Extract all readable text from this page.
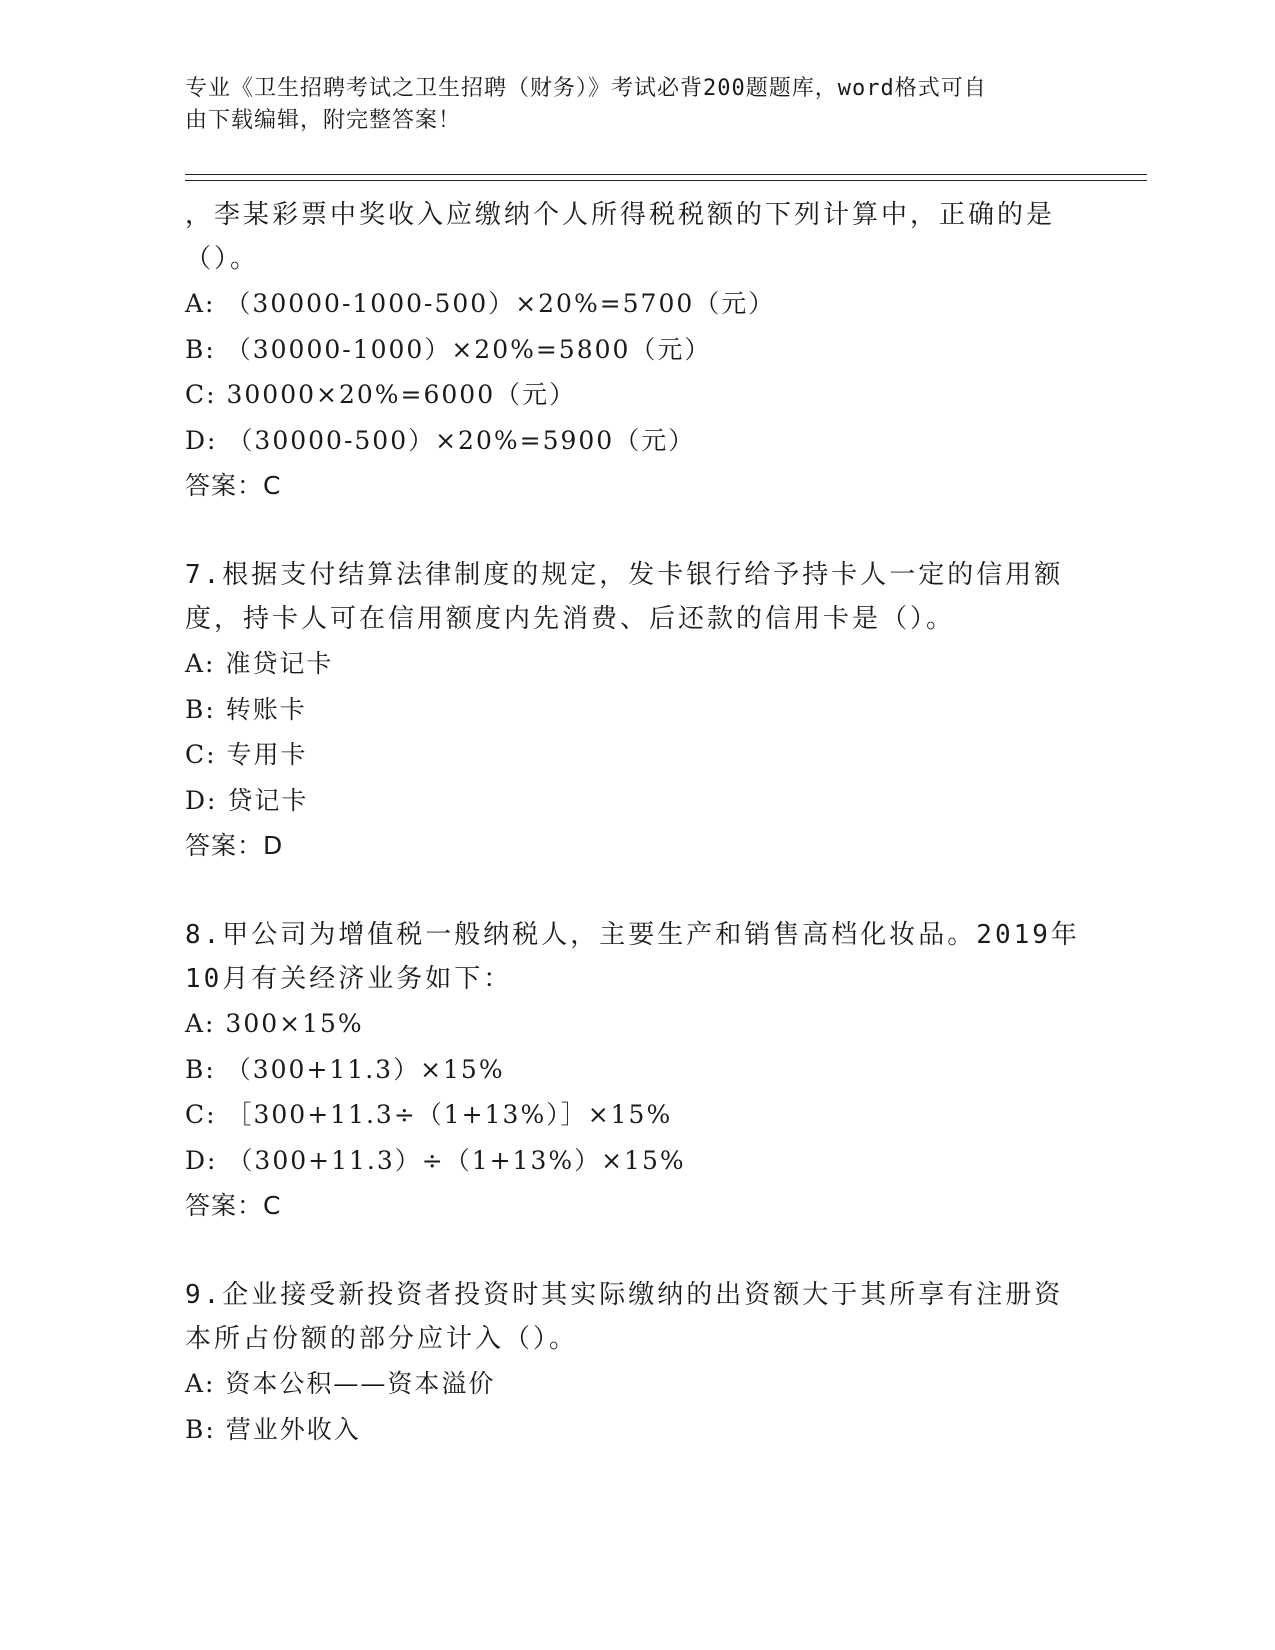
专业《卫生招聘考试之卫生招聘（财务）》考试必背200题题库，word格式可自
由下载编辑，附完整答案！
，李某彩票中奖收入应缴纳个人所得税税额的下列计算中，正确的是
（）。
A: （30000-1000-500）×20%=5700（元）
B: （30000-1000）×20%=5800（元）
C: 30000×20%=6000（元）
D: （30000-500）×20%=5900（元）
答案：C
7.根据支付结算法律制度的规定，发卡银行给予持卡人一定的信用额
度，持卡人可在信用额度内先消费、后还款的信用卡是（）。
A: 准贷记卡
B: 转账卡
C: 专用卡
D: 贷记卡
答案：D
8.甲公司为增值税一般纳税人，主要生产和销售高档化妆品。2019年
10月有关经济业务如下：
A: 300×15%
B: （300+11.3）×15%
C: ［300+11.3÷（1+13%）］×15%
D: （300+11.3）÷（1+13%）×15%
答案：C
9.企业接受新投资者投资时其实际缴纳的出资额大于其所享有注册资
本所占份额的部分应计入（）。
A: 资本公积——资本溢价
B: 营业外收入
